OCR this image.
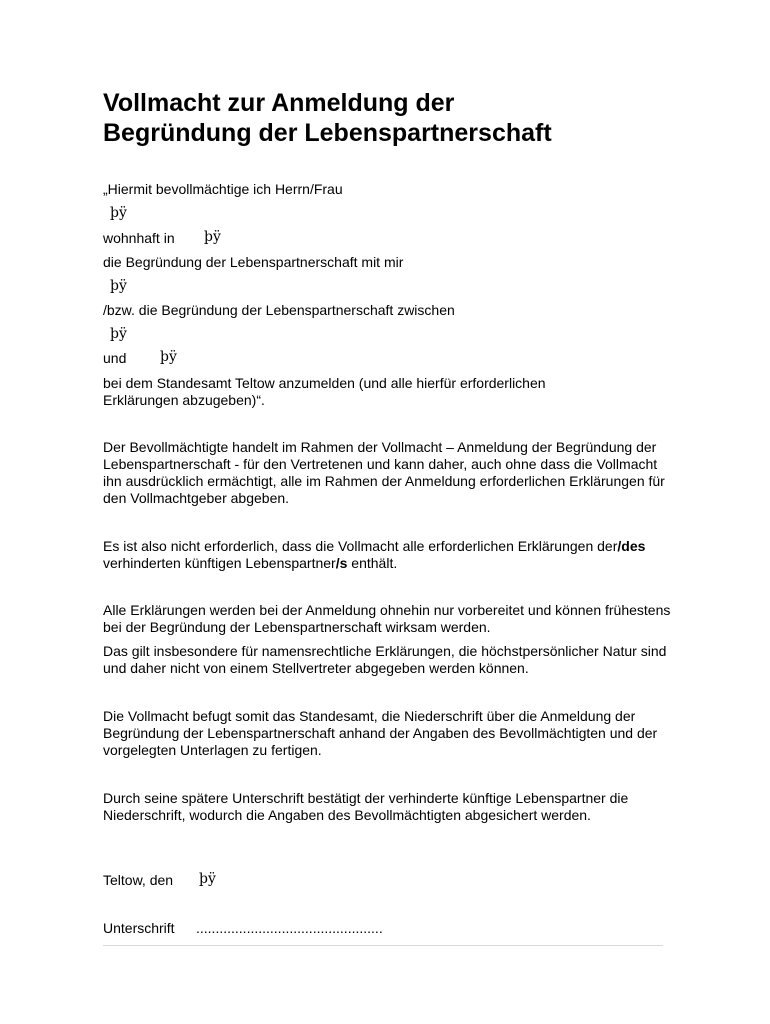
Vollmacht zur Anmeldung der
Begründung der Lebenspartnerschaft
„Hiermit bevollmächtige ich Herrn/Frau
þÿ
wohnhaft in þÿ
die Begründung der Lebenspartnerschaft mit mir
þÿ
/bzw. die Begründung der Lebenspartnerschaft zwischen
þÿ
und þÿ
bei dem Standesamt Teltow anzumelden (und alle hierfür erforderlichen
Erklärungen abzugeben)“.

Der Bevollmächtigte handelt im Rahmen der Vollmacht – Anmeldung der Begründung der Lebenspartnerschaft - für den Vertretenen und kann daher, auch ohne dass die Vollmacht ihn ausdrücklich ermächtigt, alle im Rahmen der Anmeldung erforderlichen Erklärungen für den Vollmachtgeber abgeben.

Es ist also nicht erforderlich, dass die Vollmacht alle erforderlichen Erklärungen der/des verhinderten künftigen Lebenspartner/s enthält.

Alle Erklärungen werden bei der Anmeldung ohnehin nur vorbereitet und können frühestens bei der Begründung der Lebenspartnerschaft wirksam werden.

Das gilt insbesondere für namensrechtliche Erklärungen, die höchstpersönlicher Natur sind und daher nicht von einem Stellvertreter abgegeben werden können.

Die Vollmacht befugt somit das Standesamt, die Niederschrift über die Anmeldung der Begründung der Lebenspartnerschaft anhand der Angaben des Bevollmächtigten und der vorgelegten Unterlagen zu fertigen.

Durch seine spätere Unterschrift bestätigt der verhinderte künftige Lebenspartner die Niederschrift, wodurch die Angaben des Bevollmächtigten abgesichert werden.

Teltow, den þÿ
Unterschrift ................................................
